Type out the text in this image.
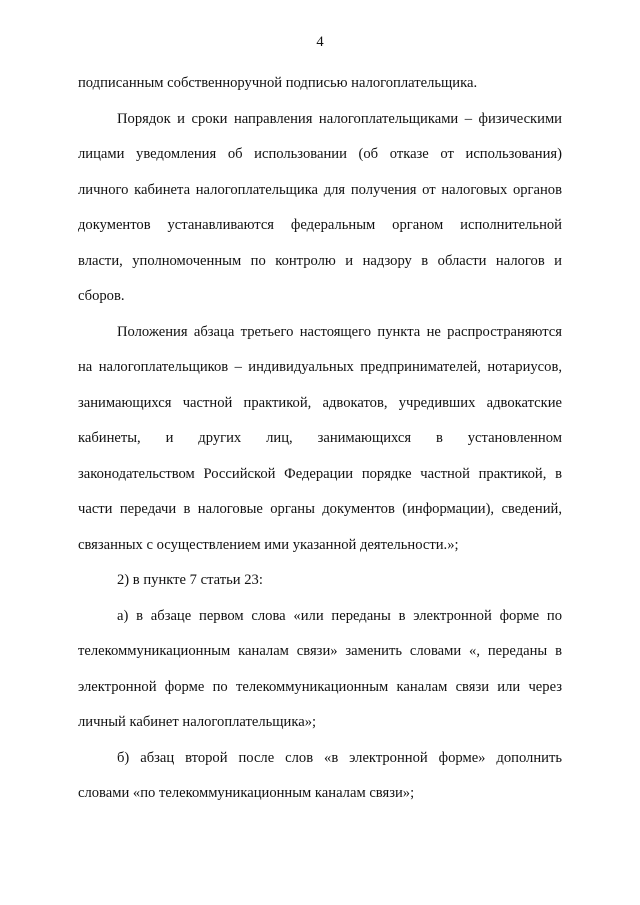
4

подписанным собственноручной подписью налогоплательщика.

Порядок и сроки направления налогоплательщиками – физическими
лицами уведомления об использовании (об отказе от использования)
личного кабинета налогоплательщика для получения от налоговых органов
документов устанавливаются федеральным органом исполнительной
власти, уполномоченным по контролю и надзору в области налогов и
сборов.

Положения абзаца третьего настоящего пункта не распространяются
на налогоплательщиков – индивидуальных предпринимателей, нотариусов,
занимающихся частной практикой, адвокатов, учредивших адвокатские
кабинеты, и других лиц, занимающихся в установленном
законодательством Российской Федерации порядке частной практикой, в
части передачи в налоговые органы документов (информации), сведений,
связанных с осуществлением ими указанной деятельности.»;

2) в пункте 7 статьи 23:

а) в абзаце первом слова «или переданы в электронной форме по
телекоммуникационным каналам связи» заменить словами «, переданы в
электронной форме по телекоммуникационным каналам связи или через
личный кабинет налогоплательщика»;

б) абзац второй после слов «в электронной форме» дополнить
словами «по телекоммуникационным каналам связи»;
